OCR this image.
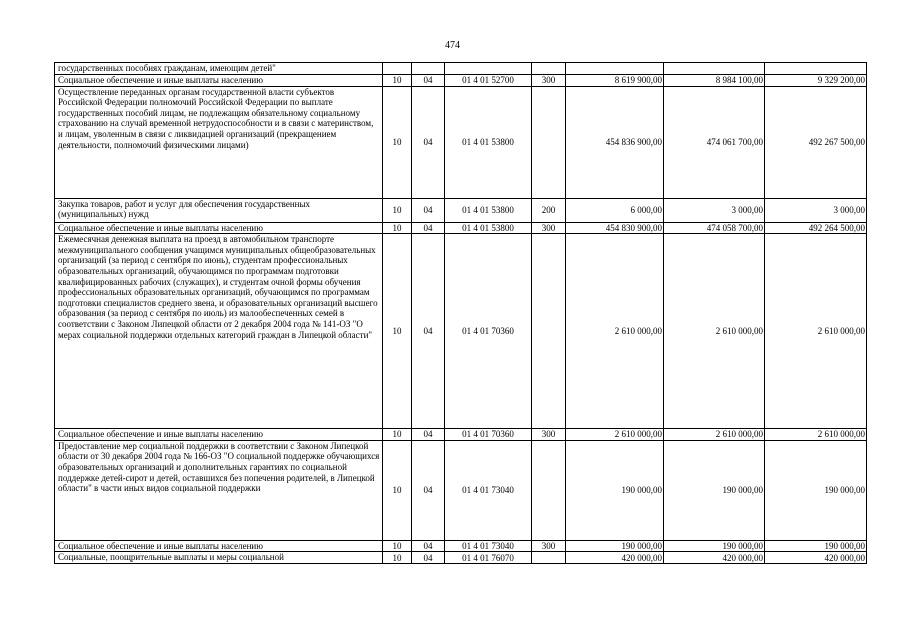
474
государственных пособиях гражданам, имеющим детей"							
Социальное обеспечение и иные выплаты населению	10	04	01 4 01 52700	300	8 619 900,00	8 984 100,00	9 329 200,00
Осуществление переданных органам государственной власти субъектов Российской Федерации полномочий Российской Федерации по выплате государственных пособий лицам, не подлежащим обязательному социальному страхованию на случай временной нетрудоспособности и в связи с материнством, и лицам, уволенным в связи с ликвидацией организаций (прекращением деятельности, полномочий физическими лицами)	10	04	01 4 01 53800		454 836 900,00	474 061 700,00	492 267 500,00
Закупка товаров, работ и услуг для обеспечения государственных (муниципальных) нужд	10	04	01 4 01 53800	200	6 000,00	3 000,00	3 000,00
Социальное обеспечение и иные выплаты населению	10	04	01 4 01 53800	300	454 830 900,00	474 058 700,00	492 264 500,00
Ежемесячная денежная выплата на проезд в автомобильном транспорте межмуниципального сообщения учащимся муниципальных общеобразовательных организаций (за период с сентября по июнь), студентам профессиональных образовательных организаций, обучающимся по программам подготовки квалифицированных рабочих (служащих), и студентам очной формы обучения профессиональных образовательных организаций, обучающимся по программам подготовки специалистов среднего звена, и образовательных организаций высшего образования (за период с сентября по июль) из малообеспеченных семей в соответствии с Законом Липецкой области от 2 декабря 2004 года № 141-ОЗ "О мерах социальной поддержки отдельных категорий граждан в Липецкой области"	10	04	01 4 01 70360		2 610 000,00	2 610 000,00	2 610 000,00
Социальное обеспечение и иные выплаты населению	10	04	01 4 01 70360	300	2 610 000,00	2 610 000,00	2 610 000,00
Предоставление мер социальной поддержки в соответствии с Законом Липецкой области от 30 декабря 2004 года № 166-ОЗ "О социальной поддержке обучающихся образовательных организаций и дополнительных гарантиях по социальной поддержке детей-сирот и детей, оставшихся без попечения родителей, в Липецкой области" в части иных видов социальной поддержки	10	04	01 4 01 73040		190 000,00	190 000,00	190 000,00
Социальное обеспечение и иные выплаты населению	10	04	01 4 01 73040	300	190 000,00	190 000,00	190 000,00
Социальные, поощрительные выплаты и меры социальной	10	04	01 4 01 76070		420 000,00	420 000,00	420 000,00
